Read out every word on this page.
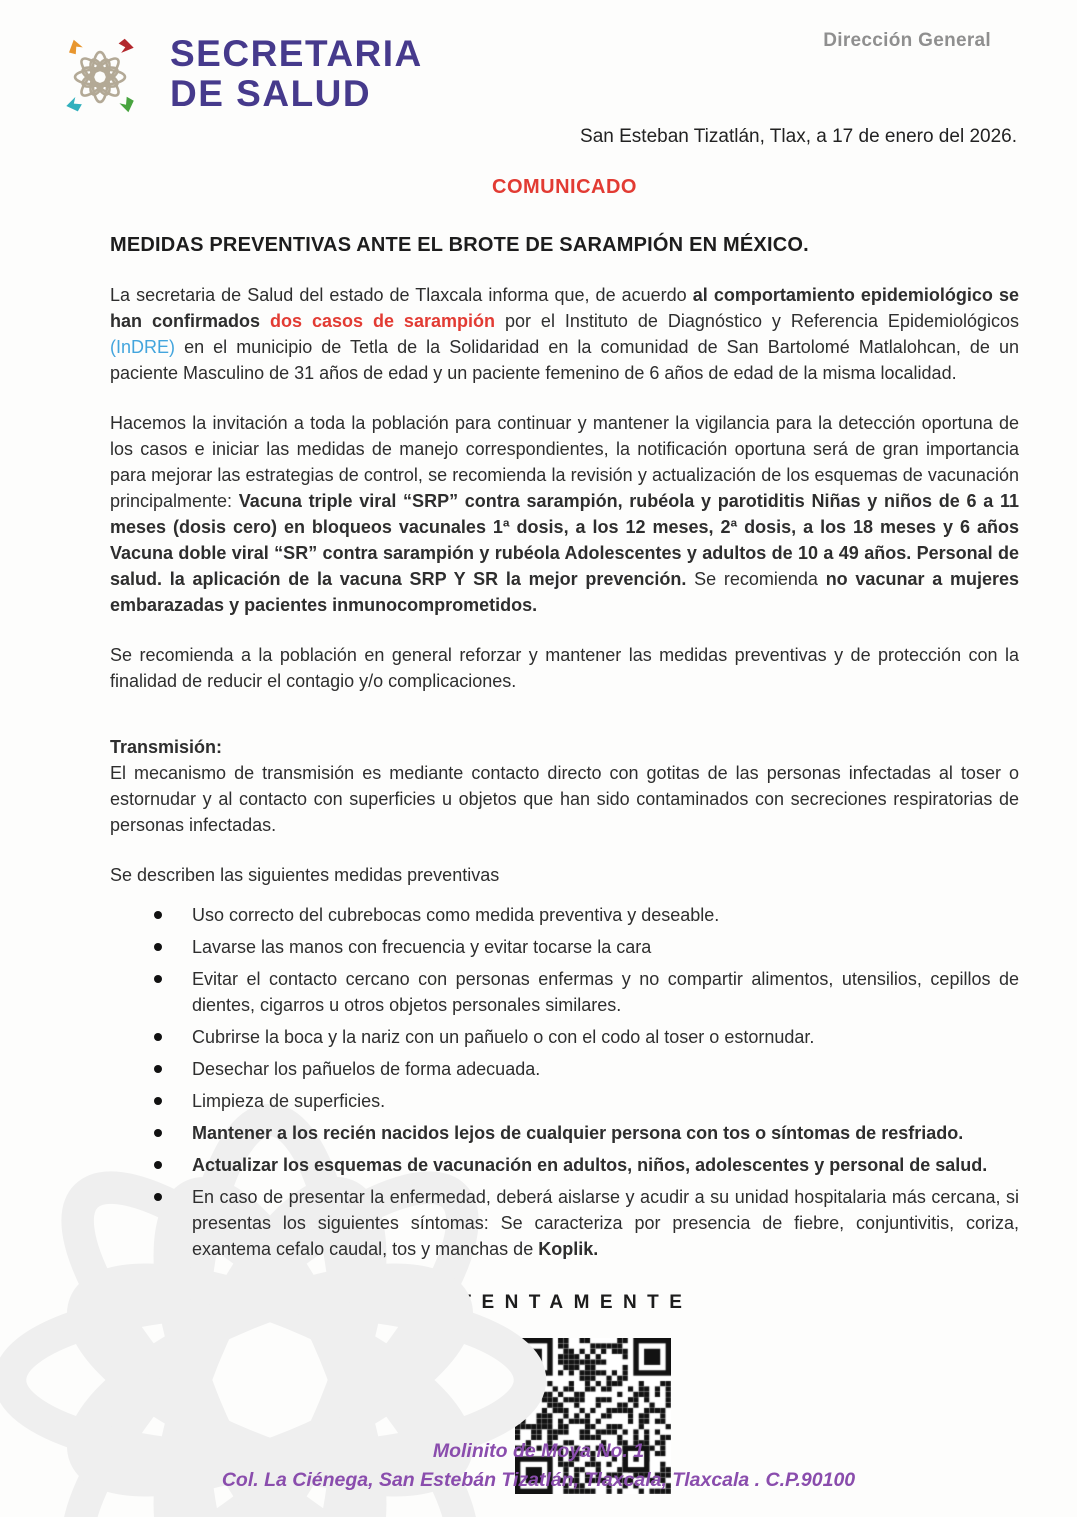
SECRETARIA
DE SALUD
Dirección General
San Esteban Tizatlán, Tlax, a 17 de enero del 2026.
COMUNICADO
MEDIDAS PREVENTIVAS ANTE EL BROTE DE SARAMPIÓN EN MÉXICO.

La secretaria de Salud del estado de Tlaxcala informa que, de acuerdo al comportamiento epidemiológico se han confirmados dos casos de sarampión por el Instituto de Diagnóstico y Referencia Epidemiológicos (InDRE) en el municipio de Tetla de la Solidaridad en la comunidad de San Bartolomé Matlalohcan, de un paciente Masculino de 31 años de edad y un paciente femenino de 6 años de edad de la misma localidad.

Hacemos la invitación a toda la población para continuar y mantener la vigilancia para la detección oportuna de los casos e iniciar las medidas de manejo correspondientes, la notificación oportuna será de gran importancia para mejorar las estrategias de control, se recomienda la revisión y actualización de los esquemas de vacunación principalmente: Vacuna triple viral “SRP” contra sarampión, rubéola y parotiditis Niñas y niños de 6 a 11 meses (dosis cero) en bloqueos vacunales 1ª dosis, a los 12 meses, 2ª dosis, a los 18 meses y 6 años Vacuna doble viral “SR” contra sarampión y rubéola Adolescentes y adultos de 10 a 49 años. Personal de salud. la aplicación de la vacuna SRP Y SR la mejor prevención. Se recomienda no vacunar a mujeres embarazadas y pacientes inmunocomprometidos.

Se recomienda a la población en general reforzar y mantener las medidas preventivas y de protección con la finalidad de reducir el contagio y/o complicaciones.

Transmisión:

El mecanismo de transmisión es mediante contacto directo con gotitas de las personas infectadas al toser o estornudar y al contacto con superficies u objetos que han sido contaminados con secreciones respiratorias de personas infectadas.

Se describen las siguientes medidas preventivas

Uso correcto del cubrebocas como medida preventiva y deseable.
Lavarse las manos con frecuencia y evitar tocarse la cara
Evitar el contacto cercano con personas enfermas y no compartir alimentos, utensilios, cepillos de dientes, cigarros u otros objetos personales similares.
Cubrirse la boca y la nariz con un pañuelo o con el codo al toser o estornudar.
Desechar los pañuelos de forma adecuada.
Limpieza de superficies.
Mantener a los recién nacidos lejos de cualquier persona con tos o síntomas de resfriado.
Actualizar los esquemas de vacunación en adultos, niños, adolescentes y personal de salud.
En caso de presentar la enfermedad, deberá aislarse y acudir a su unidad hospitalaria más cercana, si presentas los siguientes síntomas: Se caracteriza por presencia de fiebre, conjuntivitis, coriza, exantema cefalo caudal, tos y manchas de Koplik.
ATENTAMENTE
Molinito de Moya No. 1
Col. La Ciénega, San Estebán Tizatlán, Tlaxcala, Tlaxcala . C.P.90100
